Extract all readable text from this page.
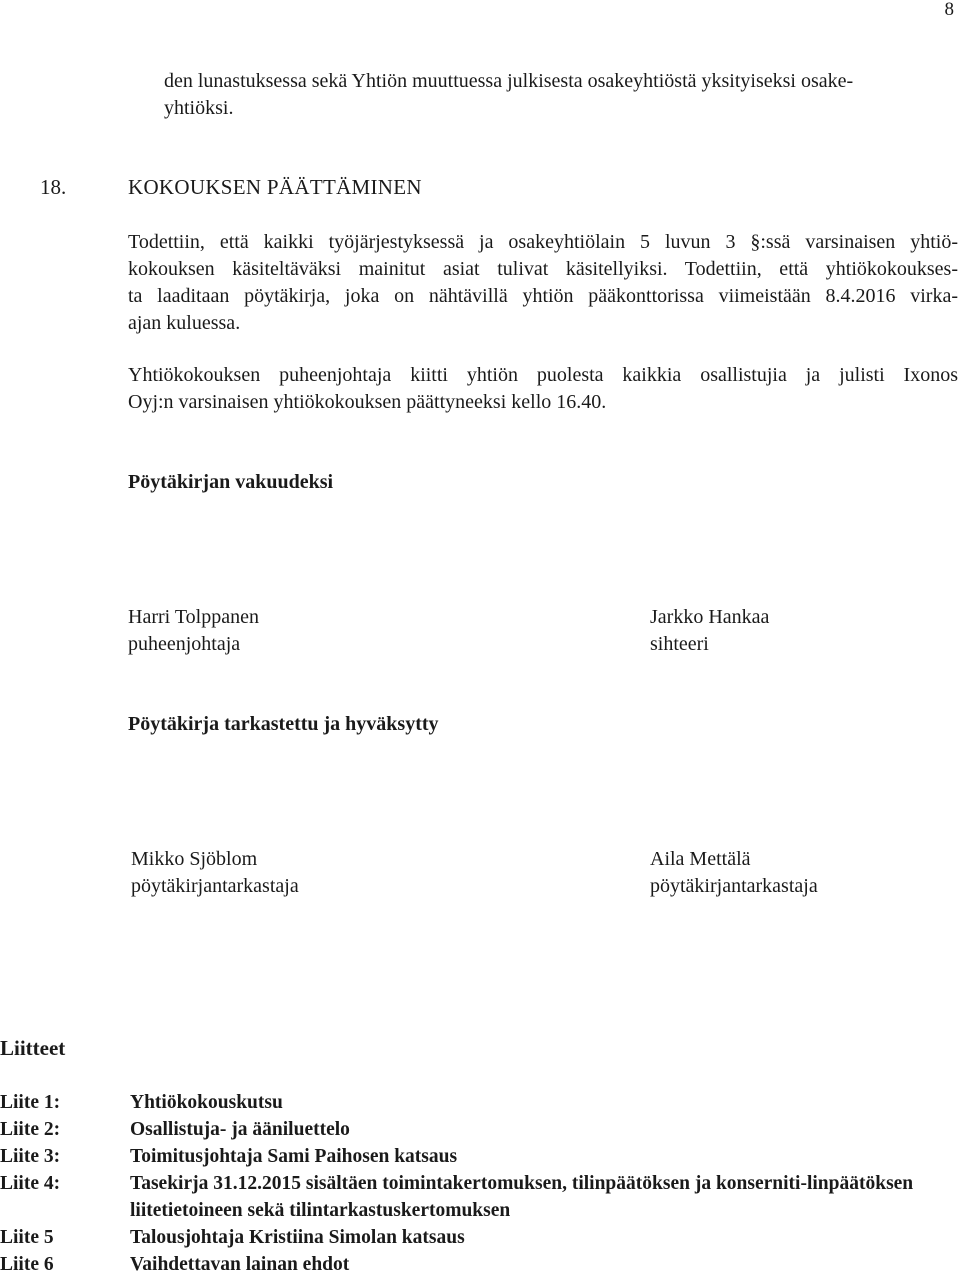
8
den lunastuksessa sekä Yhtiön muuttuessa julkisesta osakeyhtiöstä yksityiseksi osake-
yhtiöksi.
18.	KOKOUKSEN PÄÄTTÄMINEN
Todettiin, että kaikki työjärjestyksessä ja osakeyhtiölain 5 luvun 3 §:ssä varsinaisen yhtiö-
kokouksen käsiteltäväksi mainitut asiat tulivat käsitellyiksi. Todettiin, että yhtiökokoukses-
ta laaditaan pöytäkirja, joka on nähtävillä yhtiön pääkonttorissa viimeistään 8.4.2016 virka-
ajan kuluessa.
Yhtiökokouksen puheenjohtaja kiitti yhtiön puolesta kaikkia osallistujia ja julisti Ixonos
Oyj:n varsinaisen yhtiökokouksen päättyneeksi kello 16.40.
Pöytäkirjan vakuudeksi
Harri Tolppanen
puheenjohtaja
Jarkko Hankaa
sihteeri
Pöytäkirja tarkastettu ja hyväksytty
Mikko Sjöblom
pöytäkirjantarkastaja
Aila Mettälä
pöytäkirjantarkastaja
Liitteet
Liite 1:	Yhtiökokouskutsu
Liite 2:	Osallistuja- ja ääniluettelo
Liite 3:	Toimitusjohtaja Sami Paihosen katsaus
Liite 4:	Tasekirja 31.12.2015 sisältäen toimintakertomuksen, tilinpäätöksen ja konserniti-linpäätöksen liitetietoineen sekä tilintarkastuskertomuksen
Liite 5	Talousjohtaja Kristiina Simolan katsaus
Liite 6	Vaihdettavan lainan ehdot
